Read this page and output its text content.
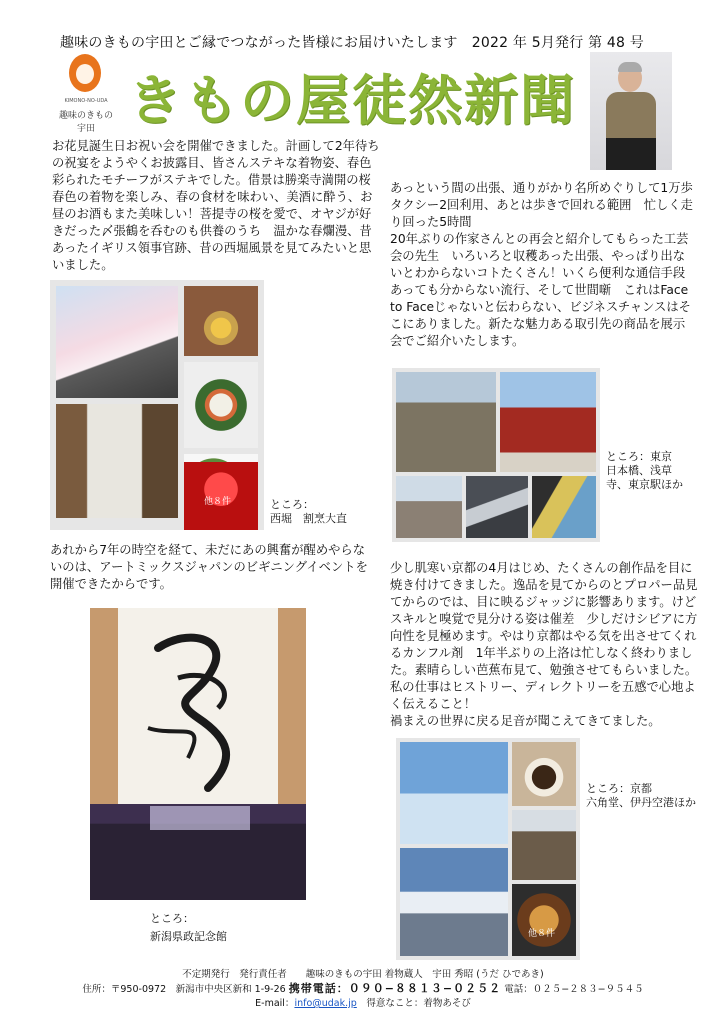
趣味のきもの宇田とご縁でつながった皆様にお届けいたします　2022 年 5月発行 第 48 号
KIMONO-NO-UDA
趣味のきもの 宇田 きもの屋徒然新聞
お花見誕生日お祝い会を開催できました。計画して2年待ちの祝宴をようやくお披露目、皆さんステキな着物姿、春色彩られたモチーフがステキでした。借景は勝楽寺満開の桜　春色の着物を楽しみ、春の食材を味わい、美酒に酔う、お昼のお酒もまた美味しい！菩提寺の桜を愛で、オヤジが好きだった〆張鶴を呑むのも供養のうち　温かな春爛漫、昔あったイギリス領事官跡、昔の西堀風景を見てみたいと思いました。
他８件	ところ：
西堀　割烹大直
あっという間の出張、通りがかり名所めぐりして1万歩　タクシー2回利用、あとは歩きで回れる範囲　忙しく走り回った5時間
20年ぶりの作家さんとの再会と紹介してもらった工芸会の先生　いろいろと収穫あった出張、やっぱり出ないとわからないコトたくさん！いくら便利な通信手段あっても分からない流行、そして世間噺　これはFace to Faceじゃないと伝わらない、ビジネスチャンスはそこにありました。新たな魅力ある取引先の商品を展示会でご紹介いたします。
ところ：東京
日本橋、浅草
寺、東京駅ほか
あれから7年の時空を経て、未だにあの興奮が醒めやらないのは、アートミックスジャパンのビギニングイベントを開催できたからです。
ところ：
新潟県政記念館
少し肌寒い京都の4月はじめ、たくさんの創作品を目に焼き付けてきました。逸品を見てからのとプロパー品見てからのでは、目に映るジャッジに影響あります。けどスキルと嗅覚で見分ける姿は催差　少しだけシビアに方向性を見極めます。やはり京都はやる気を出させてくれるカンフル剤　1年半ぶりの上洛は忙しなく終わりました。素晴らしい芭蕉布見て、勉強させてもらいました。私の仕事はヒストリー、ディレクトリーを五感で心地よく伝えること！
禍まえの世界に戻る足音が聞こえてきてました。
他８件
ところ：京都
六角堂、伊丹空港ほか
不定期発行　発行責任者　　趣味のきもの宇田 着物蔵人　宇田 秀昭 (うだ ひであき)
住所：〒950-0972　新潟市中央区新和 1-9-26 携帯電話：０９０−８８１３−０２５２ 電話：０２５−２８３−９５４５
E-mail：info@udak.jp　得意なこと：着物あそび
